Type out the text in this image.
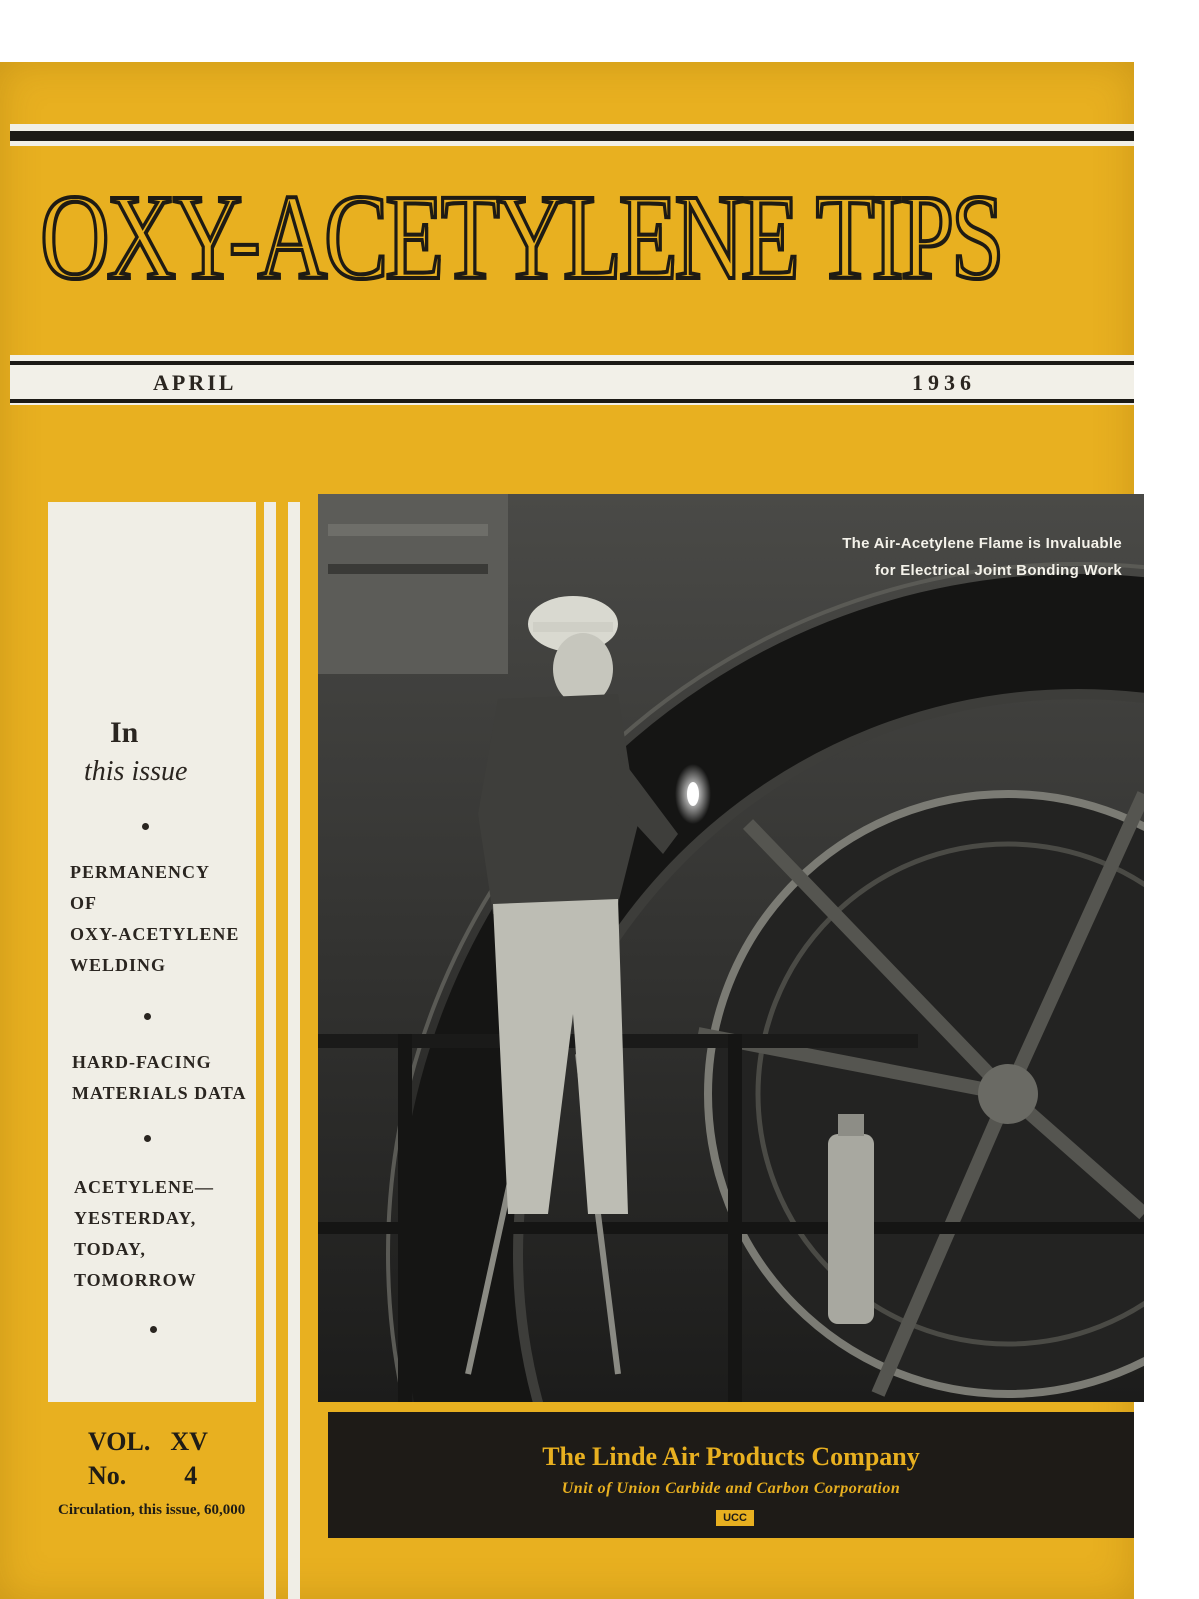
OXY-ACETYLENE TIPS
APRIL	1936
In
this issue
PERMANENCY
OF
OXY-ACETYLENE
WELDING
HARD-FACING
MATERIALS DATA
ACETYLENE—
YESTERDAY,
TODAY,
TOMORROW
VOL. XV
No. 4
Circulation, this issue, 60,000
The Air-Acetylene Flame is Invaluable
for Electrical Joint Bonding Work
The Linde Air Products Company
Unit of Union Carbide and Carbon Corporation
UCC
